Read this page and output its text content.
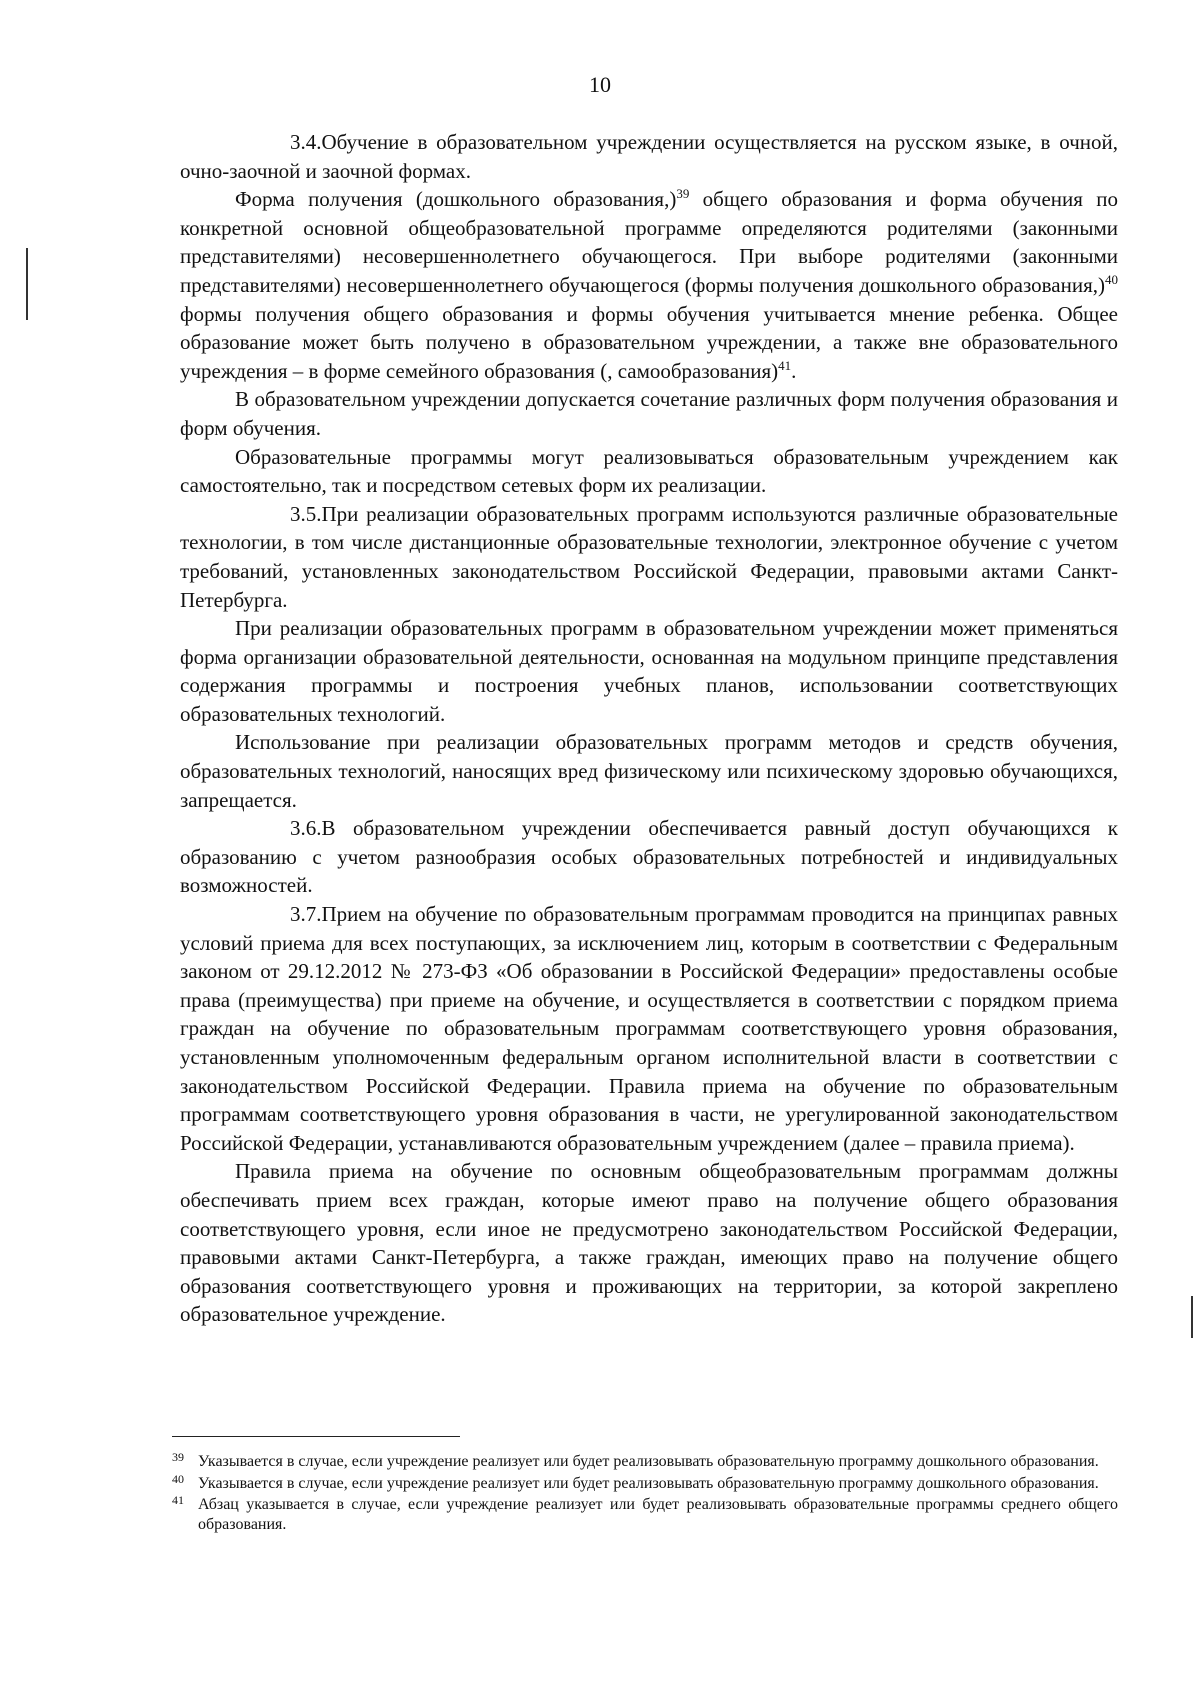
10

3.4.Обучение в образовательном учреждении осуществляется на русском языке, в очной, очно-заочной и заочной формах.

Форма получения (дошкольного образования,)$^{39}$ общего образования и форма обучения по конкретной основной общеобразовательной программе определяются родителями (законными представителями) несовершеннолетнего обучающегося. При выборе родителями (законными представителями) несовершеннолетнего обучающегося (формы получения дошкольного образования,)$^{40}$ формы получения общего образования и формы обучения учитывается мнение ребенка. Общее образование может быть получено в образовательном учреждении, а также вне образовательного учреждения – в форме семейного образования (, самообразования)$^{41}$.

В образовательном учреждении допускается сочетание различных форм получения образования и форм обучения.

Образовательные программы могут реализовываться образовательным учреждением как самостоятельно, так и посредством сетевых форм их реализации.

3.5.При реализации образовательных программ используются различные образовательные технологии, в том числе дистанционные образовательные технологии, электронное обучение с учетом требований, установленных законодательством Российской Федерации, правовыми актами Санкт-Петербурга.

При реализации образовательных программ в образовательном учреждении может применяться форма организации образовательной деятельности, основанная на модульном принципе представления содержания программы и построения учебных планов, использовании соответствующих образовательных технологий.

Использование при реализации образовательных программ методов и средств обучения, образовательных технологий, наносящих вред физическому или психическому здоровью обучающихся, запрещается.

3.6.В образовательном учреждении обеспечивается равный доступ обучающихся к образованию с учетом разнообразия особых образовательных потребностей и индивидуальных возможностей.

3.7.Прием на обучение по образовательным программам проводится на принципах равных условий приема для всех поступающих, за исключением лиц, которым в соответствии с Федеральным законом от 29.12.2012 № 273-ФЗ «Об образовании в Российской Федерации» предоставлены особые права (преимущества) при приеме на обучение, и осуществляется в соответствии с порядком приема граждан на обучение по образовательным программам соответствующего уровня образования, установленным уполномоченным федеральным органом исполнительной власти в соответствии с законодательством Российской Федерации. Правила приема на обучение по образовательным программам соответствующего уровня образования в части, не урегулированной законодательством Российской Федерации, устанавливаются образовательным учреждением (далее – правила приема).

Правила приема на обучение по основным общеобразовательным программам должны обеспечивать прием всех граждан, которые имеют право на получение общего образования соответствующего уровня, если иное не предусмотрено законодательством Российской Федерации, правовыми актами Санкт-Петербурга, а также граждан, имеющих право на получение общего образования соответствующего уровня и проживающих на территории, за которой закреплено образовательное учреждение.

39 Указывается в случае, если учреждение реализует или будет реализовывать образовательную программу дошкольного образования.
40 Указывается в случае, если учреждение реализует или будет реализовывать образовательную программу дошкольного образования.
41 Абзац указывается в случае, если учреждение реализует или будет реализовывать образовательные программы среднего общего образования.
